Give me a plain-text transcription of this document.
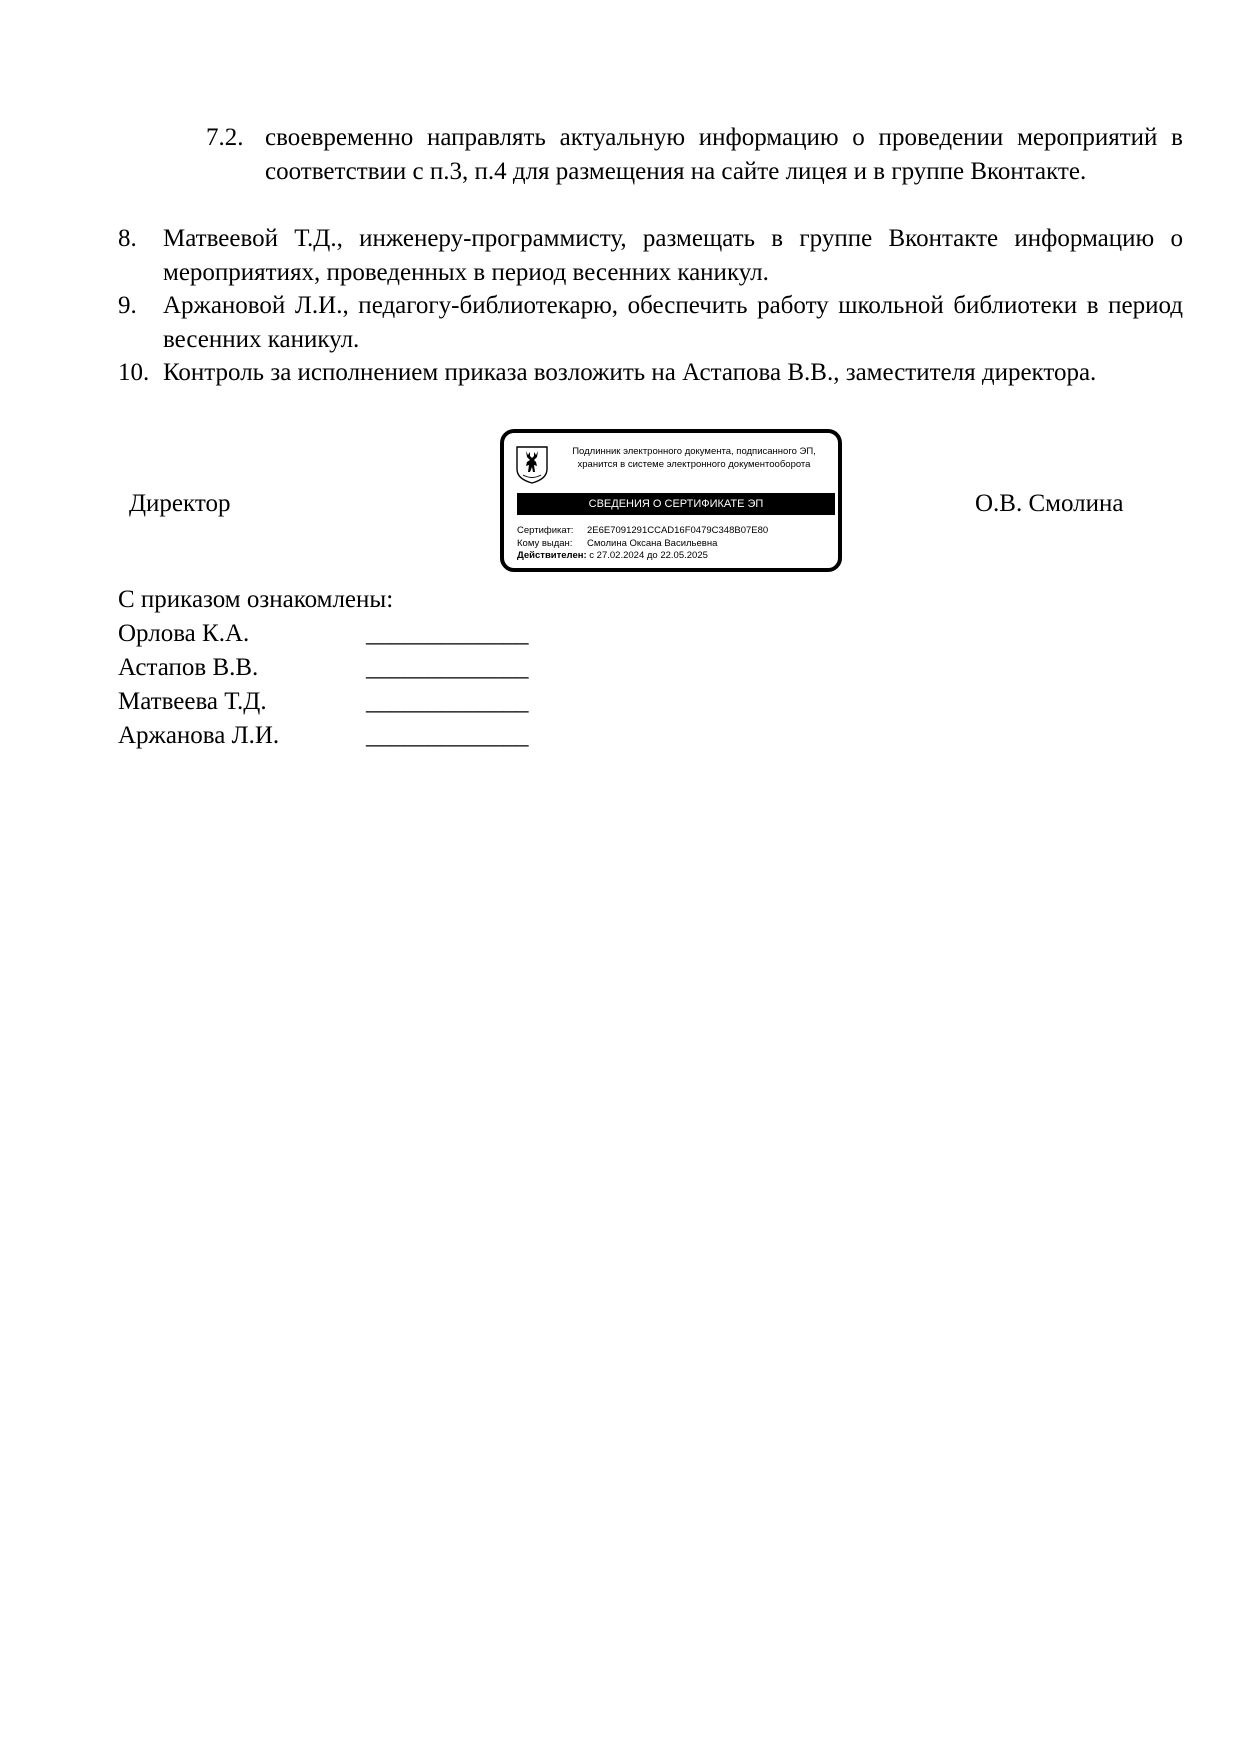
7.2. своевременно направлять актуальную информацию о проведении мероприятий в соответствии с п.3, п.4 для размещения на сайте лицея и в группе Вконтакте.
8.	Матвеевой Т.Д., инженеру-программисту, размещать в группе Вконтакте информацию о мероприятиях, проведенных в период весенних каникул.
9.	Аржановой Л.И., педагогу-библиотекарю, обеспечить работу школьной библиотеки в период весенних каникул.
10. Контроль за исполнением приказа возложить на Астапова В.В., заместителя директора.
Директор
Подлинник электронного документа, подписанного ЭП,
хранится в системе электронного документооборота
СВЕДЕНИЯ О СЕРТИФИКАТЕ ЭП
Сертификат: 2E6E7091291CCAD16F0479C348B07E80
Кому выдан: Смолина Оксана Васильевна
Действителен: с 27.02.2024 до 22.05.2025
О.В. Смолина
С приказом ознакомлены:
Орлова К.А.	_____________
Астапов В.В.	_____________
Матвеева Т.Д.	_____________
Аржанова Л.И.	_____________
